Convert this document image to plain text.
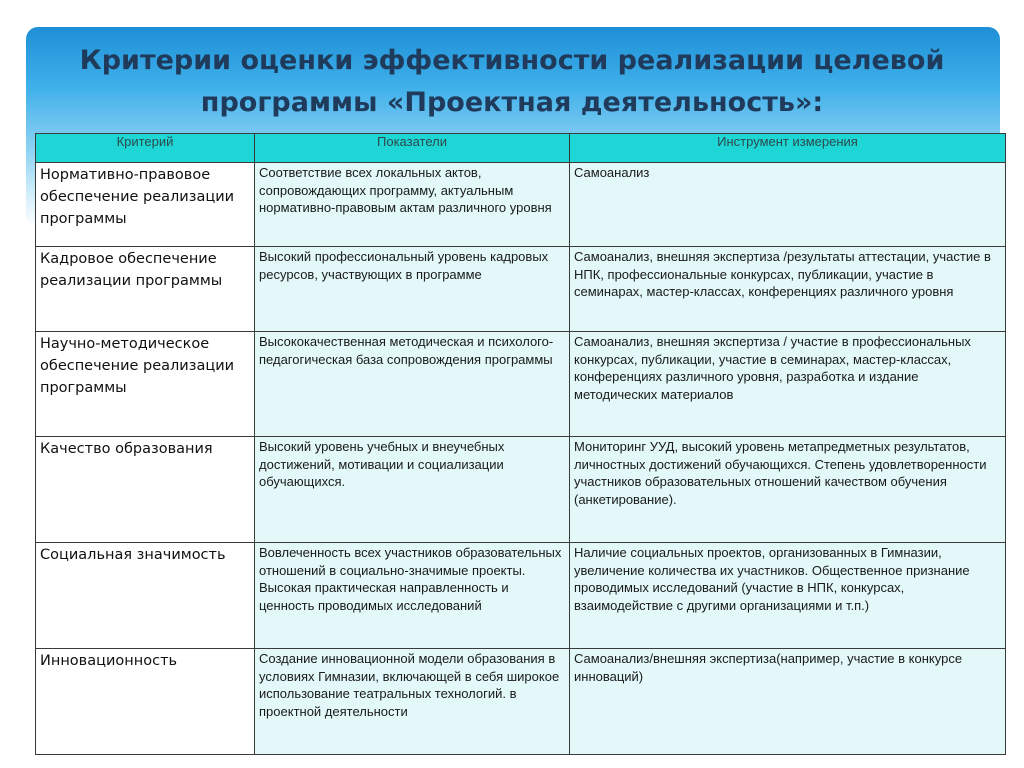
Критерии оценки эффективности реализации целевой
программы «Проектная деятельность»:
Критерий	Показатели	Инструмент измерения
Нормативно-правовое обеспечение реализации программы	Соответствие всех локальных актов, сопровождающих программу, актуальным нормативно-правовым актам различного уровня	Самоанализ
Кадровое обеспечение реализации программы	Высокий профессиональный уровень кадровых ресурсов, участвующих в программе	Самоанализ, внешняя экспертиза /результаты аттестации, участие в НПК, профессиональные конкурсах, публикации, участие в семинарах, мастер-классах, конференциях различного уровня
Научно-методическое обеспечение реализации программы	Высококачественная методическая и психолого-педагогическая база сопровождения программы	Самоанализ, внешняя экспертиза / участие в профессиональных конкурсах, публикации, участие в семинарах, мастер-классах, конференциях различного уровня, разработка и издание методических материалов
Качество образования	Высокий уровень учебных и внеучебных достижений, мотивации и социализации обучающихся.	Мониторинг УУД, высокий уровень метапредметных результатов, личностных достижений обучающихся. Степень удовлетворенности участников образовательных отношений качеством обучения (анкетирование).
Социальная значимость	Вовлеченность всех участников образовательных отношений в социально-значимые проекты. Высокая практическая направленность и ценность проводимых исследований	Наличие социальных проектов, организованных в Гимназии, увеличение количества их участников. Общественное признание проводимых исследований (участие в НПК, конкурсах, взаимодействие с другими организациями и т.п.)
Инновационность	Создание инновационной модели образования в условиях Гимназии, включающей в себя широкое использование театральных технологий. в проектной деятельности	Самоанализ/внешняя экспертиза(например, участие в конкурсе инноваций)
